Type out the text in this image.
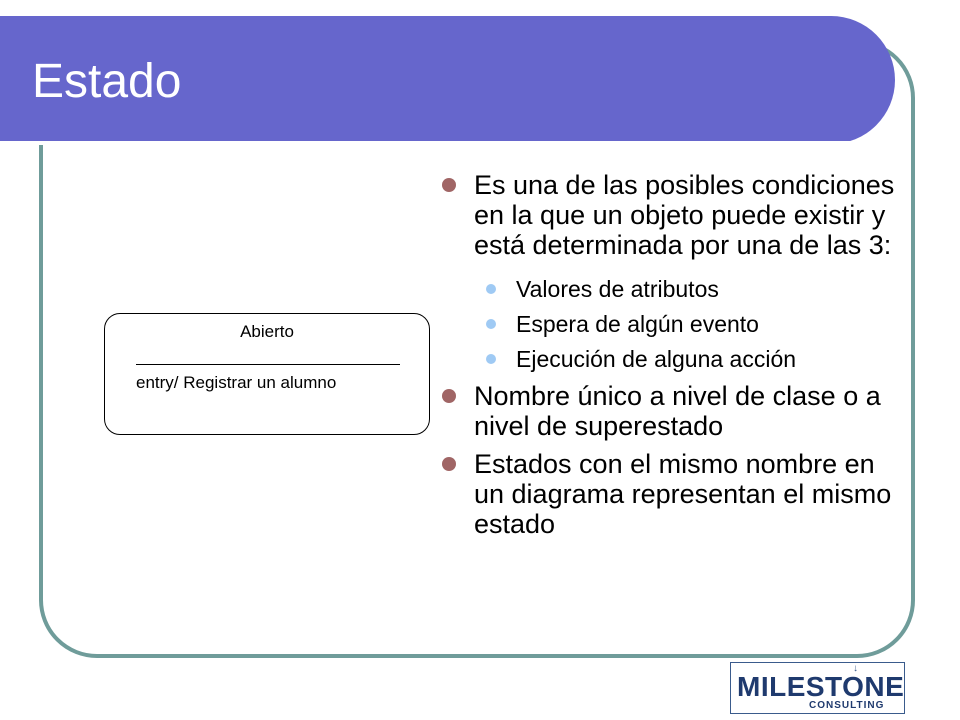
Estado
Abierto
entry/ Registrar un alumno

Es una de las posibles condiciones en la que un objeto puede existir y está determinada por una de las 3:

Valores de atributos
Espera de algún evento
Ejecución de alguna acción

Nombre único a nivel de clase o a nivel de superestado

Estados con el mismo nombre en un diagrama representan el mismo estado

↓
MILESTONE
CONSULTING
